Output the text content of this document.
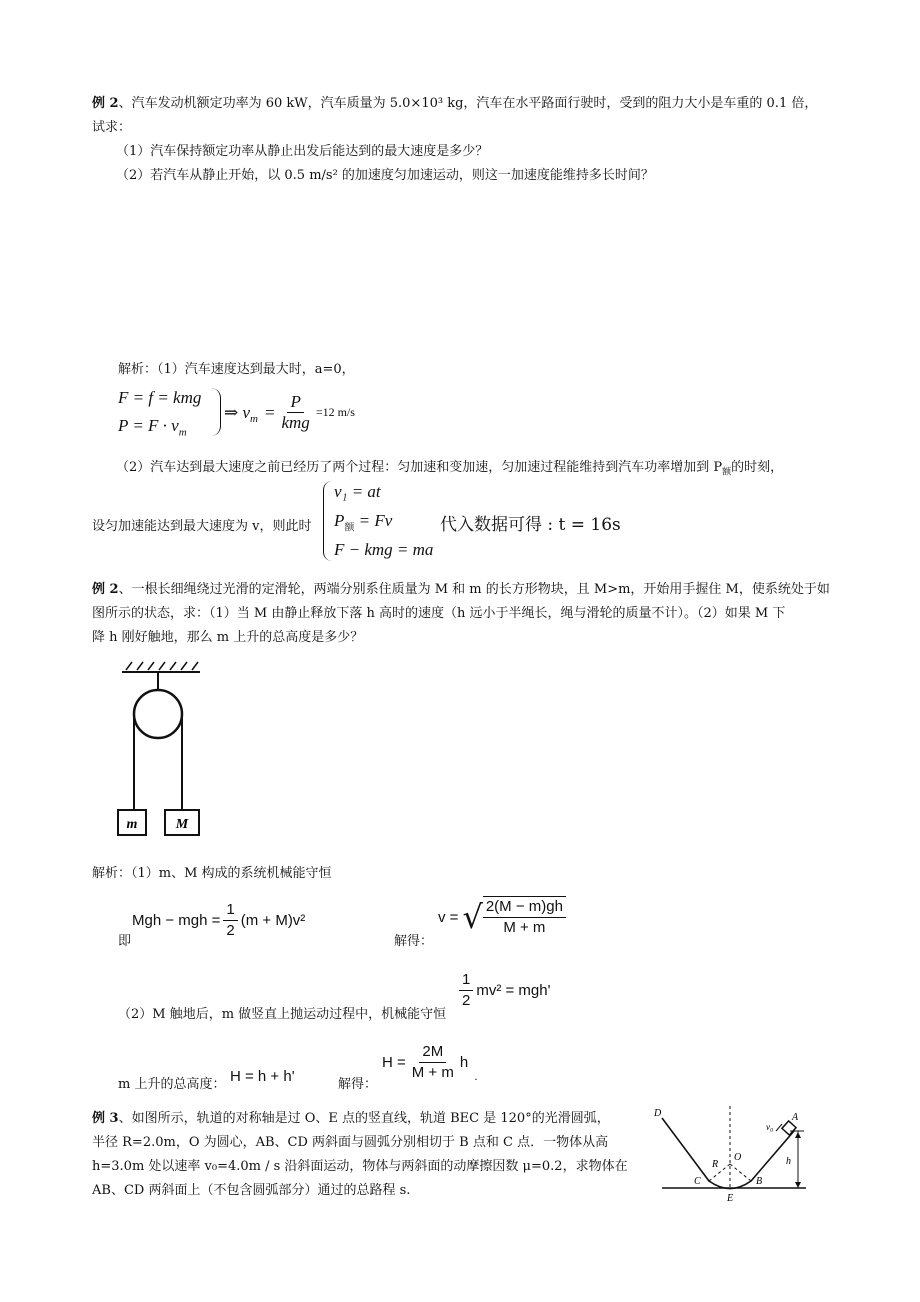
例 2、汽车发动机额定功率为 60 kW，汽车质量为 5.0×10³ kg，汽车在水平路面行驶时，受到的阻力大小是车重的 0.1 倍，
试求：
（1）汽车保持额定功率从静止出发后能达到的最大速度是多少？
（2）若汽车从静止开始，以 0.5 m/s² 的加速度匀加速运动，则这一加速度能维持多长时间？
解析：（1）汽车速度达到最大时，a=0，
F = f = kmg
$P = F \cdot v_m$
⇒ $v_m = \frac{P}{\text{kmg}} =12$ m/s
（2）汽车达到最大速度之前已经历了两个过程：匀加速和变加速，匀加速过程能维持到汽车功率增加到 $P_额$的时刻，
设匀加速能达到最大速度为 v，则此时
v₁ = at
$P_额 = Fv$
F − kmg = ma
代入数据可得 : t = 16s
例 2、一根长细绳绕过光滑的定滑轮，两端分别系住质量为 M 和 m 的长方形物块，且 M>m，开始用手握住 M，使系统处于如
图所示的状态，求：（1）当 M 由静止释放下落 h 高时的速度（h 远小于半绳长，绳与滑轮的质量不计）。（2）如果 M 下
降 h 刚好触地，那么 m 上升的总高度是多少？
m	M
解析：（1）m、M 构成的系统机械能守恒
即
Mgh − mgh = $\frac{1}{2} (m + M)v^2$
解得：
v = √ $\frac{2(M - m)gh}{M + m}$
（2）M 触地后，m 做竖直上抛运动过程中，机械能守恒
$\frac{1}{2} mv^2 = mgh'$
m 上升的总高度： H = h + h'	解得：
$H = \frac{2M}{M + m}$ h
.
例 3、如图所示，轨道的对称轴是过 O、E 点的竖直线，轨道 BEC 是 120°的光滑圆弧，
半径 R=2.0m，O 为圆心，AB、CD 两斜面与圆弧分别相切于 B 点和 C 点．一物体从高
h=3.0m 处以速率 v₀=4.0m / s 沿斜面运动，物体与两斜面的动摩擦因数 μ=0.2，求物体在
AB、CD 两斜面上（不包含圆弧部分）通过的总路程 s.
D	A
v₀
R
O	h
C
E
B
